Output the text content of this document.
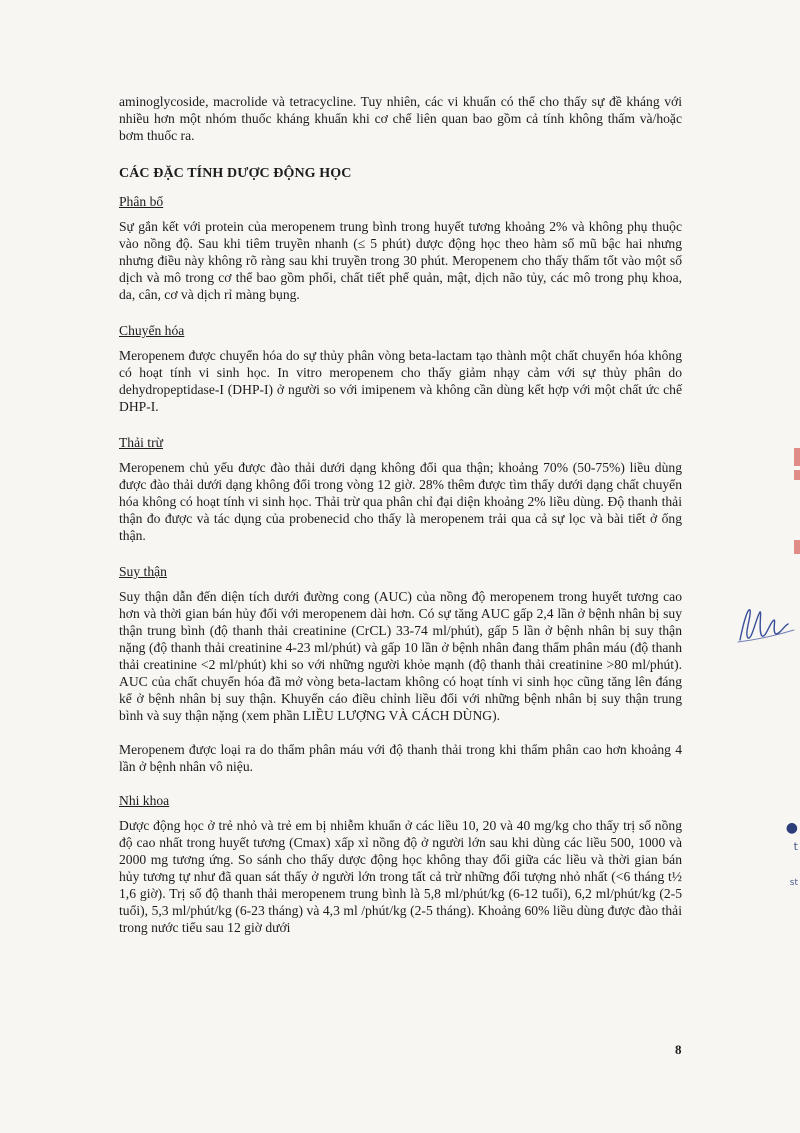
aminoglycoside, macrolide và tetracycline. Tuy nhiên, các vi khuẩn có thể cho thấy sự đề kháng với nhiều hơn một nhóm thuốc kháng khuẩn khi cơ chế liên quan bao gồm cả tính không thấm và/hoặc bơm thuốc ra.

CÁC ĐẶC TÍNH DƯỢC ĐỘNG HỌC
Phân bố

Sự gắn kết với protein của meropenem trung bình trong huyết tương khoảng 2% và không phụ thuộc vào nồng độ. Sau khi tiêm truyền nhanh (≤ 5 phút) dược động học theo hàm số mũ bậc hai nhưng nhưng điều này không rõ ràng sau khi truyền trong 30 phút. Meropenem cho thấy thấm tốt vào một số dịch và mô trong cơ thể bao gồm phổi, chất tiết phế quản, mật, dịch não tủy, các mô trong phụ khoa, da, cân, cơ và dịch rỉ màng bụng.

Chuyển hóa

Meropenem được chuyển hóa do sự thủy phân vòng beta-lactam tạo thành một chất chuyển hóa không có hoạt tính vi sinh học. In vitro meropenem cho thấy giảm nhạy cảm với sự thủy phân do dehydropeptidase-I (DHP-I) ở người so với imipenem và không cần dùng kết hợp với một chất ức chế DHP-I.

Thải trừ

Meropenem chủ yếu được đào thải dưới dạng không đổi qua thận; khoảng 70% (50-75%) liều dùng được đào thải dưới dạng không đổi trong vòng 12 giờ. 28% thêm được tìm thấy dưới dạng chất chuyển hóa không có hoạt tính vi sinh học. Thải trừ qua phân chỉ đại diện khoảng 2% liều dùng. Độ thanh thải thận đo được và tác dụng của probenecid cho thấy là meropenem trải qua cả sự lọc và bài tiết ở ống thận.

Suy thận

Suy thận dẫn đến diện tích dưới đường cong (AUC) của nồng độ meropenem trong huyết tương cao hơn và thời gian bán hủy đối với meropenem dài hơn. Có sự tăng AUC gấp 2,4 lần ở bệnh nhân bị suy thận trung bình (độ thanh thải creatinine (CrCL) 33-74 ml/phút), gấp 5 lần ở bệnh nhân bị suy thận nặng (độ thanh thải creatinine 4-23 ml/phút) và gấp 10 lần ở bệnh nhân đang thẩm phân máu (độ thanh thải creatinine <2 ml/phút) khi so với những người khỏe mạnh (độ thanh thải creatinine >80 ml/phút). AUC của chất chuyển hóa đã mở vòng beta-lactam không có hoạt tính vi sinh học cũng tăng lên đáng kể ở bệnh nhân bị suy thận. Khuyến cáo điều chỉnh liều đối với những bệnh nhân bị suy thận trung bình và suy thận nặng (xem phần LIỀU LƯỢNG VÀ CÁCH DÙNG).

Meropenem được loại ra do thẩm phân máu với độ thanh thải trong khi thẩm phân cao hơn khoảng 4 lần ở bệnh nhân vô niệu.

Nhi khoa

Dược động học ở trẻ nhỏ và trẻ em bị nhiễm khuẩn ở các liều 10, 20 và 40 mg/kg cho thấy trị số nồng độ cao nhất trong huyết tương (Cmax) xấp xỉ nồng độ ở người lớn sau khi dùng các liều 500, 1000 và 2000 mg tương ứng. So sánh cho thấy dược động học không thay đổi giữa các liều và thời gian bán hủy tương tự như đã quan sát thấy ở người lớn trong tất cả trừ những đối tượng nhỏ nhất (<6 tháng t½ 1,6 giờ). Trị số độ thanh thải meropenem trung bình là 5,8 ml/phút/kg (6-12 tuổi), 6,2 ml/phút/kg (2-5 tuổi), 5,3 ml/phút/kg (6-23 tháng) và 4,3 ml /phút/kg (2-5 tháng). Khoảng 60% liều dùng được đào thải trong nước tiểu sau 12 giờ dưới

8
●
t
st
